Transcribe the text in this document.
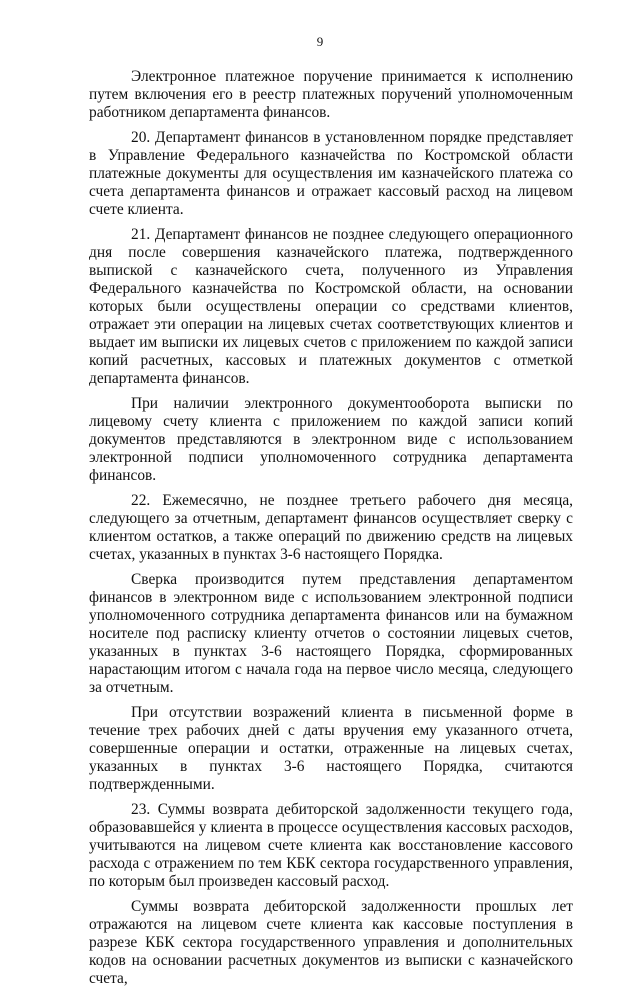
9

Электронное платежное поручение принимается к исполнению путем включения его в реестр платежных поручений уполномоченным работником департамента финансов.

20. Департамент финансов в установленном порядке представляет в Управление Федерального казначейства по Костромской области платежные документы для осуществления им казначейского платежа со счета департамента финансов и отражает кассовый расход на лицевом счете клиента.

21. Департамент финансов не позднее следующего операционного дня после совершения казначейского платежа, подтвержденного выпиской с казначейского счета, полученного из Управления Федерального казначейства по Костромской области, на основании которых были осуществлены операции со средствами клиентов, отражает эти операции на лицевых счетах соответствующих клиентов и выдает им выписки их лицевых счетов с приложением по каждой записи копий расчетных, кассовых и платежных документов с отметкой департамента финансов.

При наличии электронного документооборота выписки по лицевому счету клиента с приложением по каждой записи копий документов представляются в электронном виде с использованием электронной подписи уполномоченного сотрудника департамента финансов.

22. Ежемесячно, не позднее третьего рабочего дня месяца, следующего за отчетным, департамент финансов осуществляет сверку с клиентом остатков, а также операций по движению средств на лицевых счетах, указанных в пунктах 3-6 настоящего Порядка.

Сверка производится путем представления департаментом финансов в электронном виде с использованием электронной подписи уполномоченного сотрудника департамента финансов или на бумажном носителе под расписку клиенту отчетов о состоянии лицевых счетов, указанных в пунктах 3-6 настоящего Порядка, сформированных нарастающим итогом с начала года на первое число месяца, следующего за отчетным.

При отсутствии возражений клиента в письменной форме в течение трех рабочих дней с даты вручения ему указанного отчета, совершенные операции и остатки, отраженные на лицевых счетах, указанных в пунктах 3-6 настоящего Порядка, считаются подтвержденными.

23. Суммы возврата дебиторской задолженности текущего года, образовавшейся у клиента в процессе осуществления кассовых расходов, учитываются на лицевом счете клиента как восстановление кассового расхода с отражением по тем КБК сектора государственного управления, по которым был произведен кассовый расход.

Суммы возврата дебиторской задолженности прошлых лет отражаются на лицевом счете клиента как кассовые поступления в разрезе КБК сектора государственного управления и дополнительных кодов на основании расчетных документов из выписки с казначейского счета,
